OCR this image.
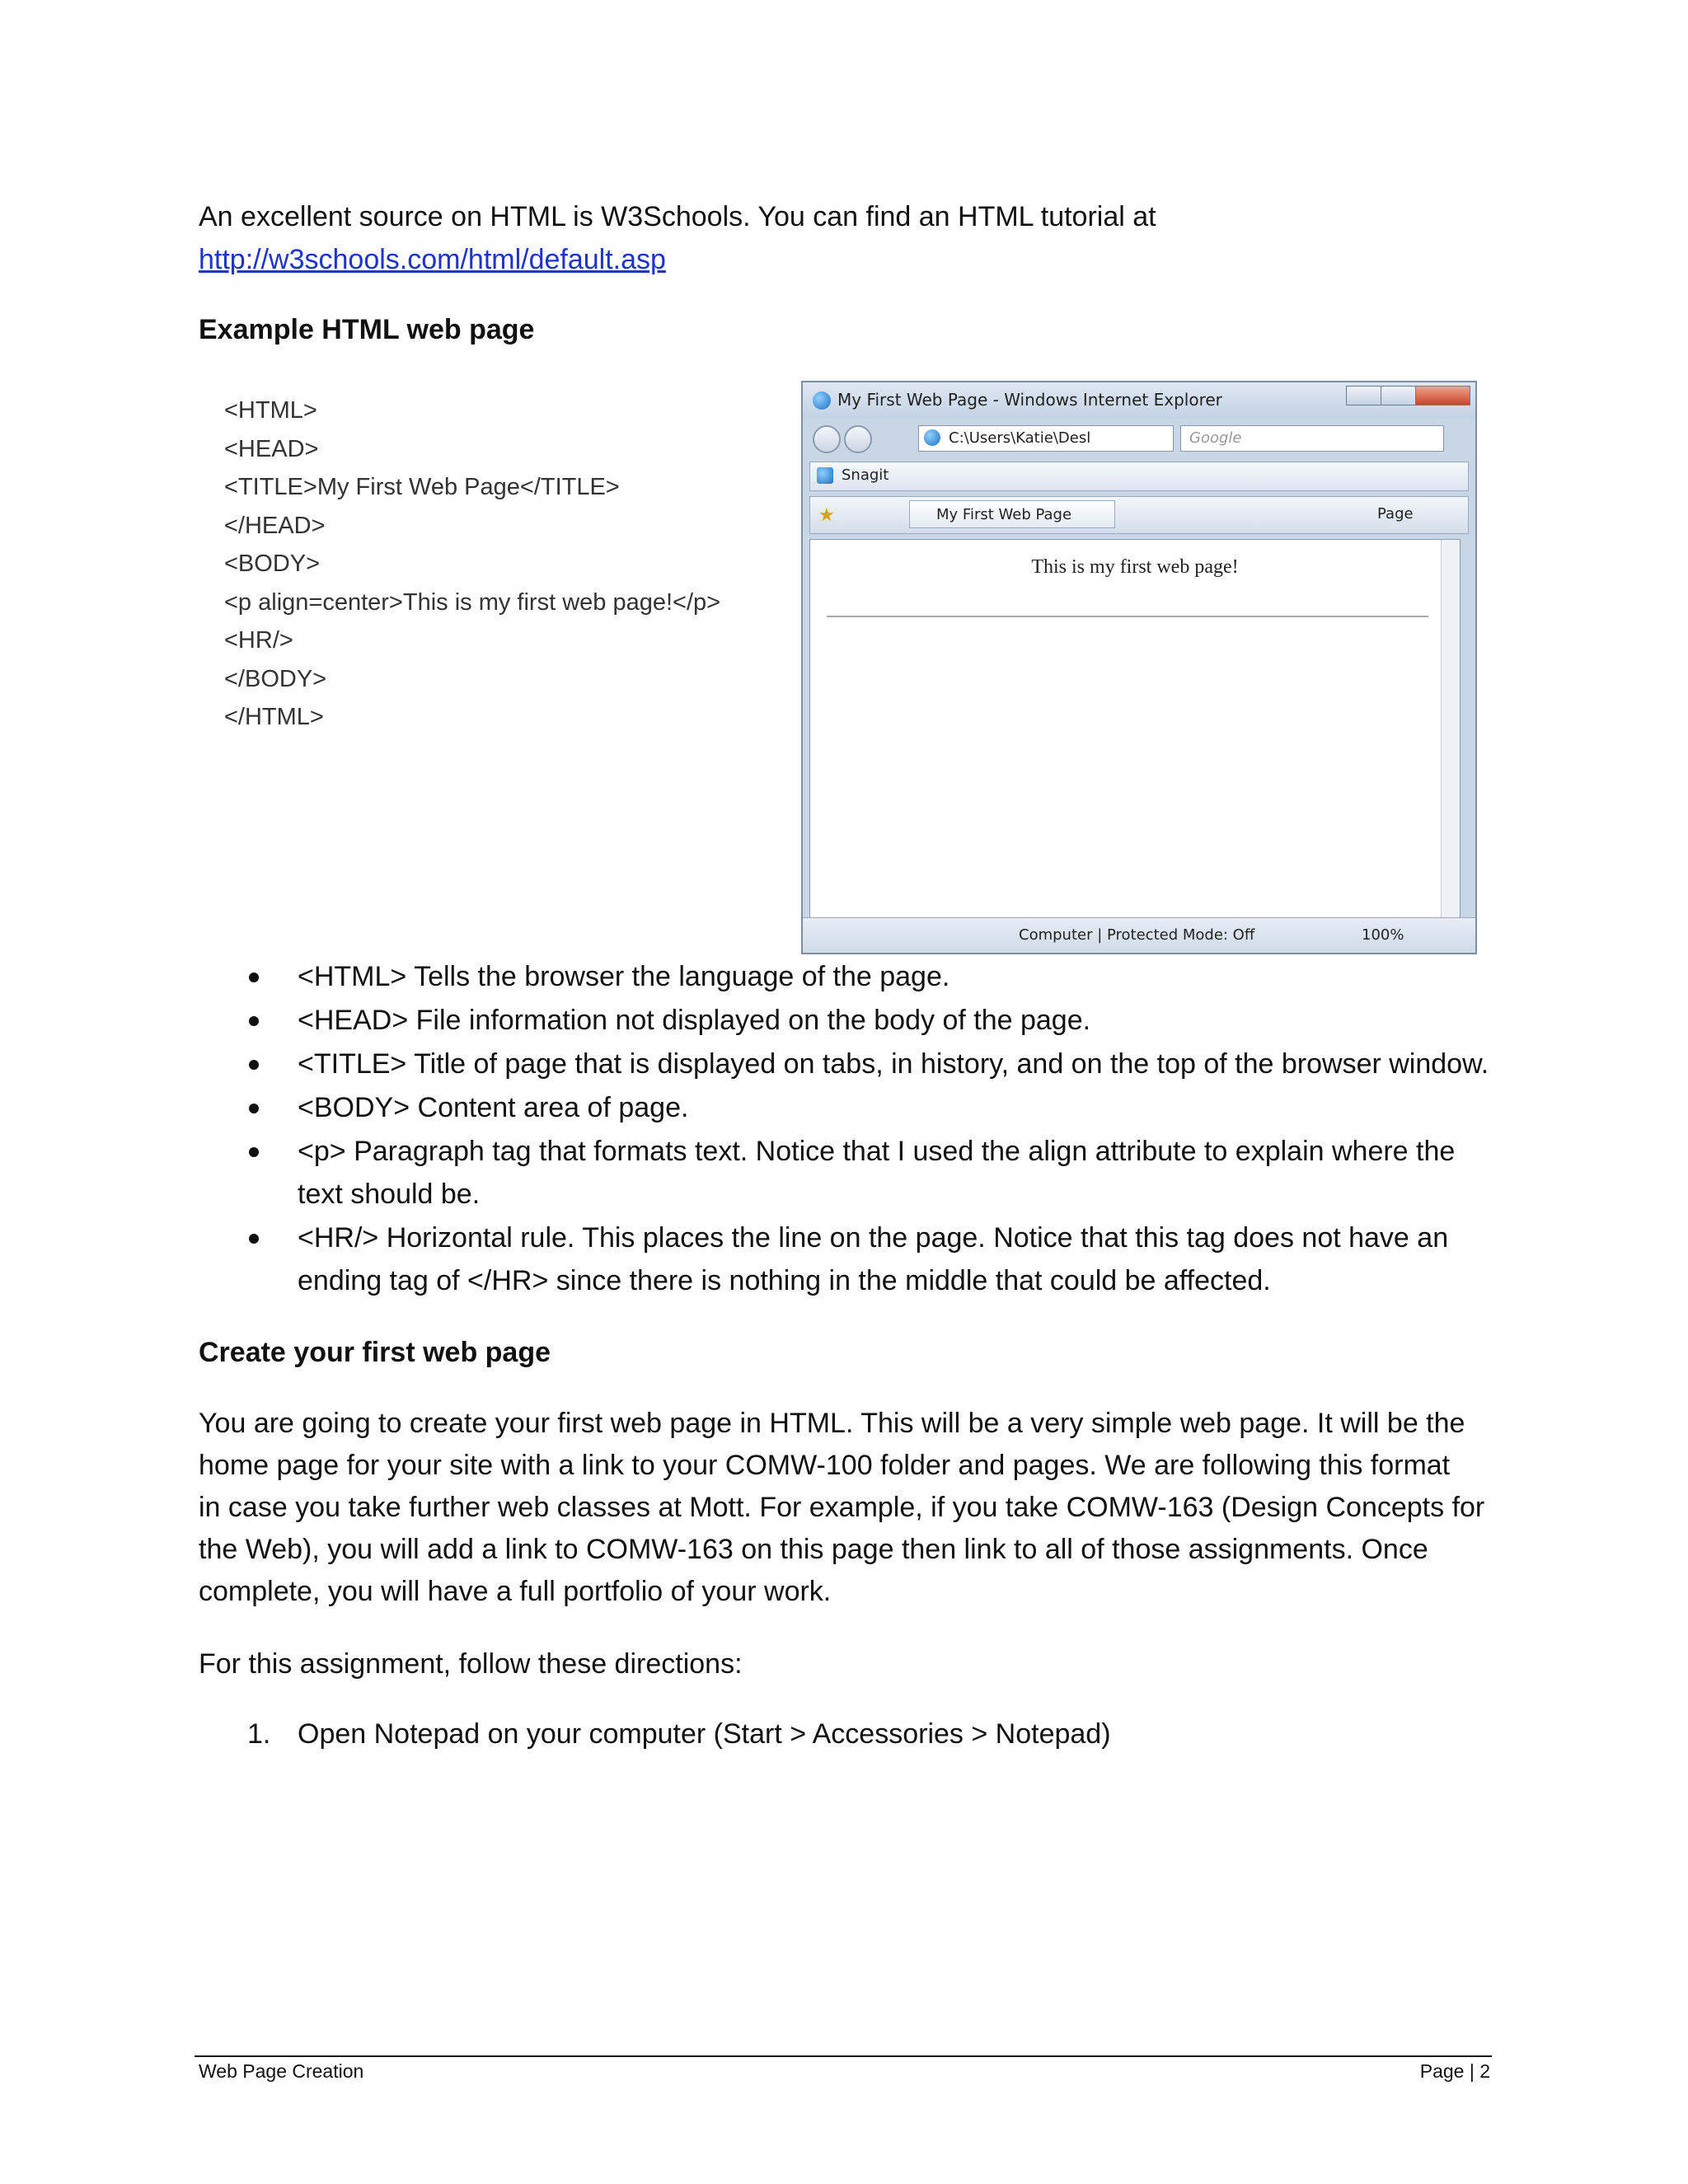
An excellent source on HTML is W3Schools. You can find an HTML tutorial at
http://w3schools.com/html/default.asp
Example HTML web page
<HTML>
<HEAD>
<TITLE>My First Web Page</TITLE>
</HEAD>
<BODY>
<p align=center>This is my first web page!</p>
<HR/>
</BODY>
</HTML>
My First Web Page - Windows Internet Explorer
C:\Users\Katie\Desl	Google
Snagit
★	My First Web Page	Page
This is my first web page!
Computer | Protected Mode: Off	100%
<HTML> Tells the browser the language of the page.
<HEAD> File information not displayed on the body of the page.
<TITLE> Title of page that is displayed on tabs, in history, and on the top of the browser window.
<BODY> Content area of page.
<p> Paragraph tag that formats text. Notice that I used the align attribute to explain where the
text should be.
<HR/> Horizontal rule. This places the line on the page. Notice that this tag does not have an
ending tag of </HR> since there is nothing in the middle that could be affected.
Create your first web page
You are going to create your first web page in HTML. This will be a very simple web page. It will be the
home page for your site with a link to your COMW-100 folder and pages. We are following this format
in case you take further web classes at Mott. For example, if you take COMW-163 (Design Concepts for
the Web), you will add a link to COMW-163 on this page then link to all of those assignments. Once
complete, you will have a full portfolio of your work.
For this assignment, follow these directions:
1. Open Notepad on your computer (Start > Accessories > Notepad)
Web Page Creation	Page | 2
